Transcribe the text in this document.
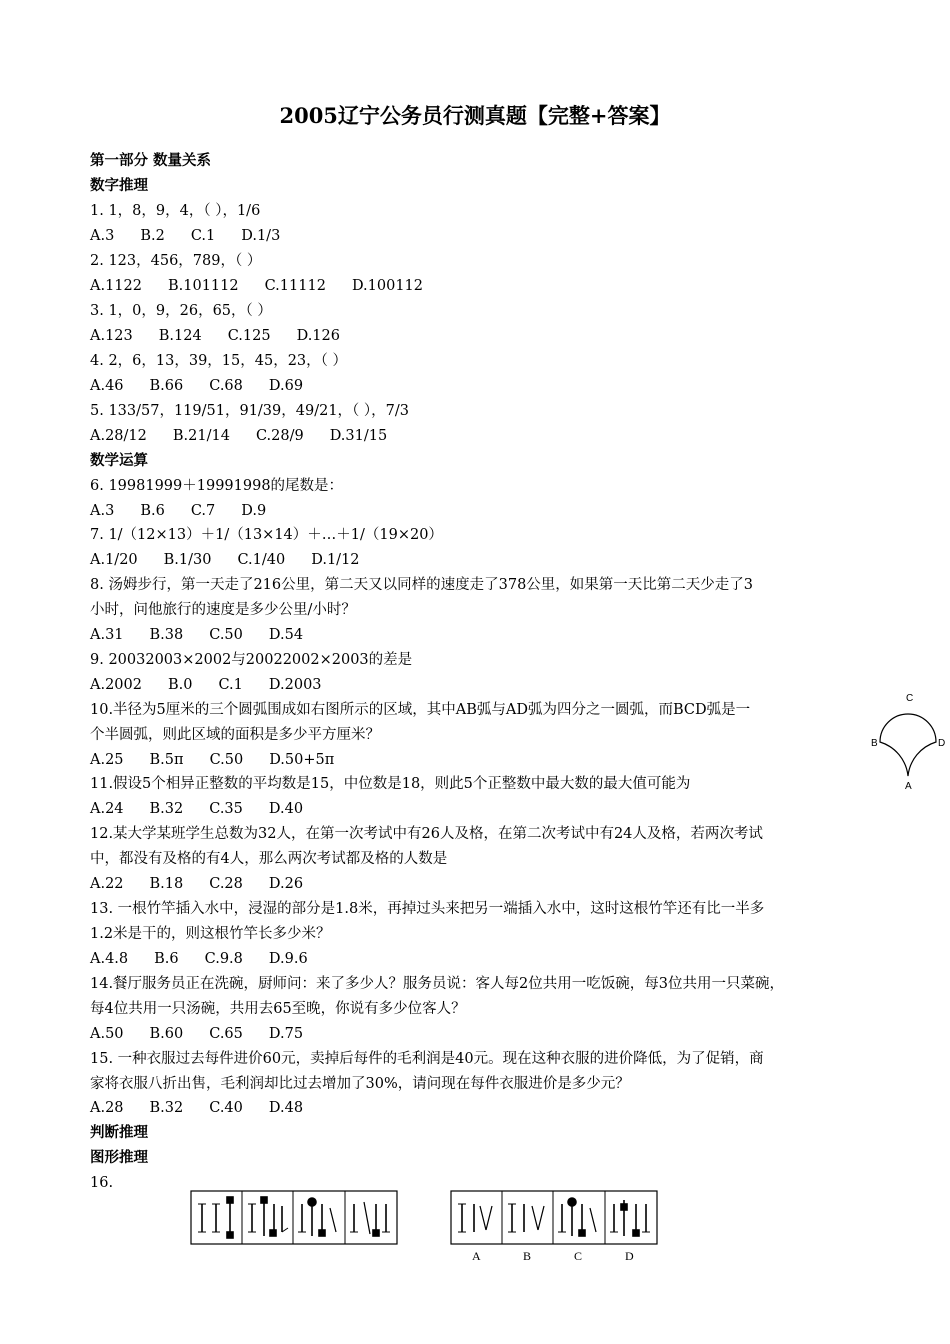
2005辽宁公务员行测真题【完整+答案】
第一部分 数量关系
数字推理
1. 1，8，9，4，（ ），1/6
A.3 B.2 C.1 D.1/3
2. 123，456，789，（ ）
A.1122 B.101112 C.11112 D.100112
3. 1，0，9，26，65，（ ）
A.123 B.124 C.125 D.126
4. 2，6，13，39，15，45，23，（ ）
A.46 B.66 C.68 D.69
5. 133/57，119/51，91/39，49/21，（ ），7/3
A.28/12 B.21/14 C.28/9 D.31/15
数学运算
6. 19981999＋19991998的尾数是：
A.3 B.6 C.7 D.9
7. 1/（12×13）＋1/（13×14）＋…＋1/（19×20）
A.1/20 B.1/30 C.1/40 D.1/12
8. 汤姆步行，第一天走了216公里，第二天又以同样的速度走了378公里，如果第一天比第二天少走了3
小时，问他旅行的速度是多少公里/小时？
A.31 B.38 C.50 D.54
9. 20032003×2002与20022002×2003的差是
A.2002 B.0 C.1 D.2003
10.半径为5厘米的三个圆弧围成如右图所示的区域，其中AB弧与AD弧为四分之一圆弧，而BCD弧是一
个半圆弧，则此区域的面积是多少平方厘米？
A.25 B.5π C.50 D.50+5π
C
B	D
A
11.假设5个相异正整数的平均数是15，中位数是18，则此5个正整数中最大数的最大值可能为
A.24 B.32 C.35 D.40
12.某大学某班学生总数为32人，在第一次考试中有26人及格，在第二次考试中有24人及格，若两次考试
中，都没有及格的有4人，那么两次考试都及格的人数是
A.22 B.18 C.28 D.26
13. 一根竹竿插入水中，浸湿的部分是1.8米，再掉过头来把另一端插入水中，这时这根竹竿还有比一半多
1.2米是干的，则这根竹竿长多少米？
A.4.8 B.6 C.9.8 D.9.6
14.餐厅服务员正在洗碗，厨师问：来了多少人？服务员说：客人每2位共用一吃饭碗，每3位共用一只菜碗，
每4位共用一只汤碗，共用去65至晚，你说有多少位客人？
A.50 B.60 C.65 D.75
15. 一种衣服过去每件进价60元，卖掉后每件的毛利润是40元。现在这种衣服的进价降低，为了促销，商
家将衣服八折出售，毛利润却比过去增加了30%，请问现在每件衣服进价是多少元？
A.28 B.32 C.40 D.48
判断推理
图形推理
16.
A	B	C	D
